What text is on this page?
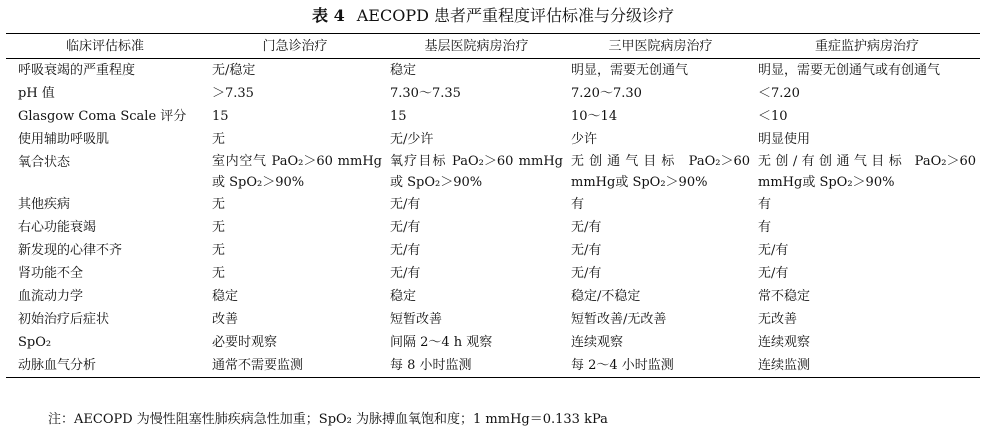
表 4 AECOPD 患者严重程度评估标准与分级诊疗
临床评估标准	门急诊治疗	基层医院病房治疗	三甲医院病房治疗	重症监护病房治疗
呼吸衰竭的严重程度	无/稳定	稳定	明显，需要无创通气	明显，需要无创通气或有创通气
pH 值	＞7.35	7.30～7.35	7.20～7.30	＜7.20
Glasgow Coma Scale 评分	15	15	10～14	＜10
使用辅助呼吸肌	无	无/少许	少许	明显使用
氧合状态	室内空气 PaO₂＞60 mmHg 或 SpO₂＞90%	氧疗目标 PaO₂＞60 mmHg 或 SpO₂＞90%	无创通气目标 PaO₂＞60 mmHg或 SpO₂＞90%	无创/有创通气目标 PaO₂＞60 mmHg或 SpO₂＞90%
其他疾病	无	无/有	有	有
右心功能衰竭	无	无/有	无/有	有
新发现的心律不齐	无	无/有	无/有	无/有
肾功能不全	无	无/有	无/有	无/有
血流动力学	稳定	稳定	稳定/不稳定	常不稳定
初始治疗后症状	改善	短暂改善	短暂改善/无改善	无改善
SpO₂	必要时观察	间隔 2～4 h 观察	连续观察	连续观察
动脉血气分析	通常不需要监测	每 8 小时监测	每 2～4 小时监测	连续监测
注：AECOPD 为慢性阻塞性肺疾病急性加重；SpO₂ 为脉搏血氧饱和度；1 mmHg＝0.133 kPa
